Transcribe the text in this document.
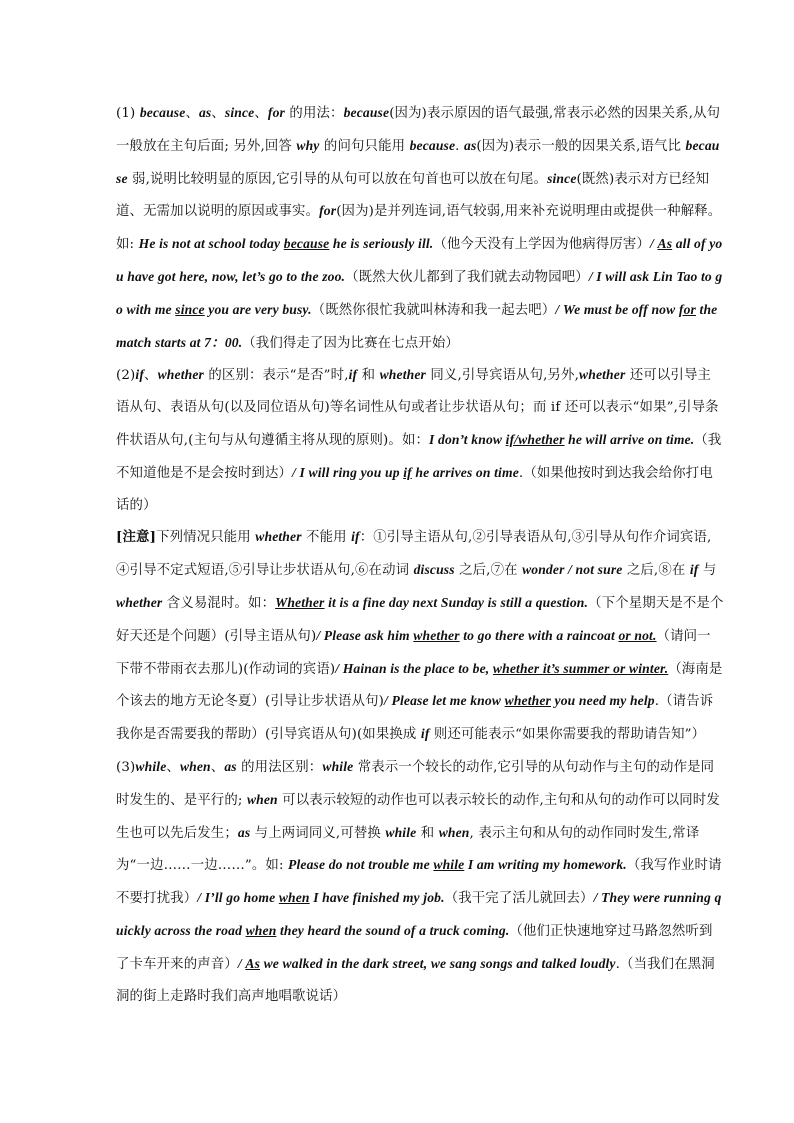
(1) because、as、since、for 的用法：because(因为)表示原因的语气最强,常表示必然的因果关系,从句一般放在主句后面; 另外,回答 why 的问句只能用 because. as(因为)表示一般的因果关系,语气比 because 弱,说明比较明显的原因,它引导的从句可以放在句首也可以放在句尾。since(既然)表示对方已经知道、无需加以说明的原因或事实。for(因为)是并列连词,语气较弱,用来补充说明理由或提供一种解释。如: He is not at school today because he is seriously ill.（他今天没有上学因为他病得厉害）/ As all of you have got here, now, let’s go to the zoo.（既然大伙儿都到了我们就去动物园吧）/ I will ask Lin Tao to go with me since you are very busy.（既然你很忙我就叫林涛和我一起去吧）/ We must be off now for the match starts at 7：00.（我们得走了因为比赛在七点开始）

(2)if、whether 的区别：表示“是否”时,if 和 whether 同义,引导宾语从句,另外,whether 还可以引导主语从句、表语从句(以及同位语从句)等名词性从句或者让步状语从句；而 if 还可以表示“如果”,引导条件状语从句,(主句与从句遵循主将从现的原则)。如：I don’t know if/whether he will arrive on time.（我不知道他是不是会按时到达）/ I will ring you up if he arrives on time.（如果他按时到达我会给你打电话的）

[注意]下列情况只能用 whether 不能用 if：①引导主语从句,②引导表语从句,③引导从句作介词宾语,④引导不定式短语,⑤引导让步状语从句,⑥在动词 discuss 之后,⑦在 wonder / not sure 之后,⑧在 if 与 whether 含义易混时。如：Whether it is a fine day next Sunday is still a question.（下个星期天是不是个好天还是个问题）(引导主语从句)/ Please ask him whether to go there with a raincoat or not.（请问一下带不带雨衣去那儿)(作动词的宾语)/ Hainan is the place to be, whether it’s summer or winter.（海南是个该去的地方无论冬夏）(引导让步状语从句)/ Please let me know whether you need my help.（请告诉我你是否需要我的帮助）(引导宾语从句)(如果换成 if 则还可能表示“如果你需要我的帮助请告知”）

(3)while、when、as 的用法区别：while 常表示一个较长的动作,它引导的从句动作与主句的动作是同时发生的、是平行的; when 可以表示较短的动作也可以表示较长的动作,主句和从句的动作可以同时发生也可以先后发生；as 与上两词同义,可替换 while 和 when, 表示主句和从句的动作同时发生,常译为“一边……一边……”。如: Please do not trouble me while I am writing my homework.（我写作业时请不要打扰我）/ I’ll go home when I have finished my job.（我干完了活儿就回去）/ They were running quickly across the road when they heard the sound of a truck coming.（他们正快速地穿过马路忽然听到了卡车开来的声音）/ As we walked in the dark street, we sang songs and talked loudly.（当我们在黑洞洞的街上走路时我们高声地唱歌说话）
